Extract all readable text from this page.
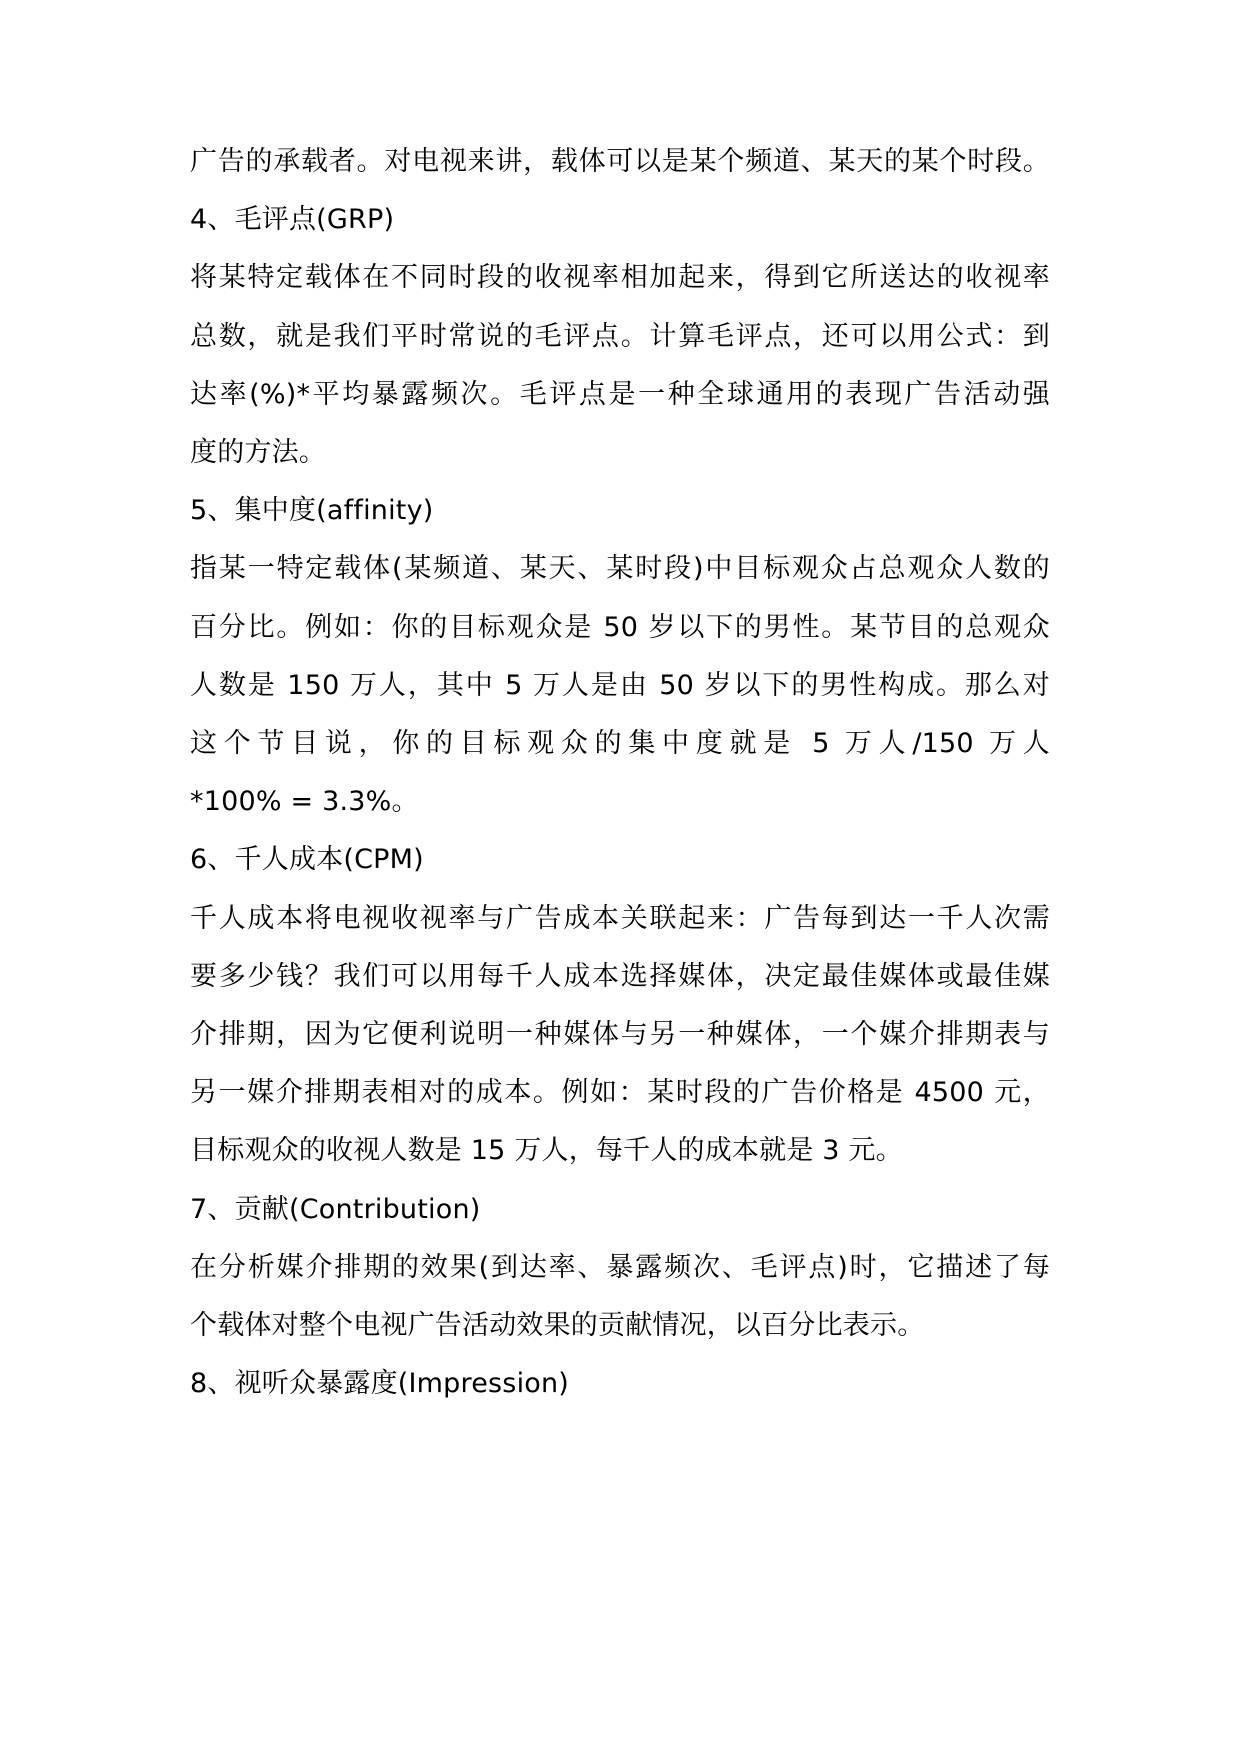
广告的承载者。对电视来讲，载体可以是某个频道、某天的某个时段。
4、毛评点(GRP)
将某特定载体在不同时段的收视率相加起来，得到它所送达的收视率
总数，就是我们平时常说的毛评点。计算毛评点，还可以用公式：到
达率(%)*平均暴露频次。毛评点是一种全球通用的表现广告活动强
度的方法。
5、集中度(affinity)
指某一特定载体(某频道、某天、某时段)中目标观众占总观众人数的
百分比。例如：你的目标观众是 50 岁以下的男性。某节目的总观众
人数是 150 万人，其中 5 万人是由 50 岁以下的男性构成。那么对
这个节目说，你的目标观众的集中度就是 5 万人/150 万人
*100% = 3.3%。
6、千人成本(CPM)
千人成本将电视收视率与广告成本关联起来：广告每到达一千人次需
要多少钱？我们可以用每千人成本选择媒体，决定最佳媒体或最佳媒
介排期，因为它便利说明一种媒体与另一种媒体，一个媒介排期表与
另一媒介排期表相对的成本。例如：某时段的广告价格是 4500 元，
目标观众的收视人数是 15 万人，每千人的成本就是 3 元。
7、贡献(Contribution)
在分析媒介排期的效果(到达率、暴露频次、毛评点)时，它描述了每
个载体对整个电视广告活动效果的贡献情况，以百分比表示。
8、视听众暴露度(Impression)
